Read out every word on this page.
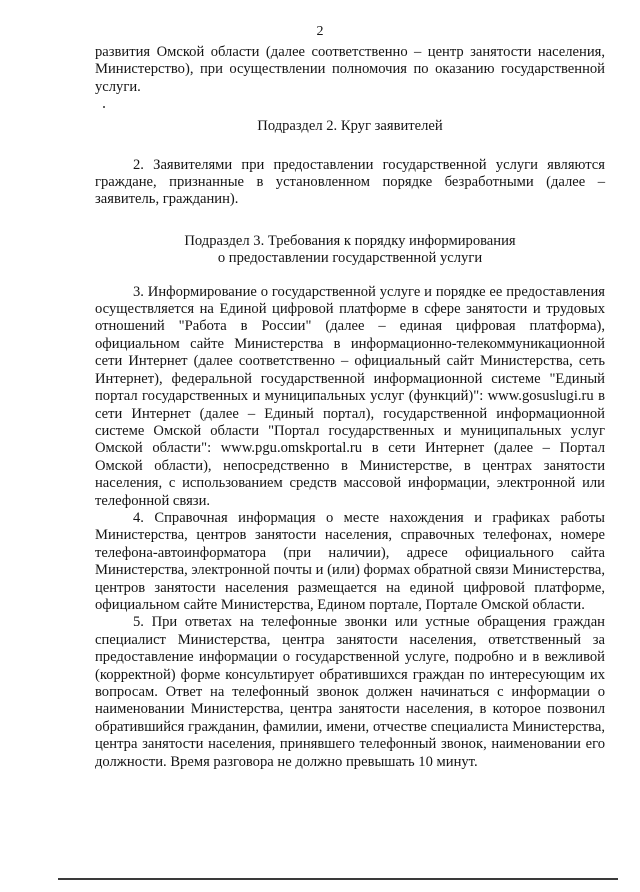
2

развития Омской области (далее соответственно – центр занятости населения, Министерство), при осуществлении полномочия по оказанию государственной услуги.

Подраздел 2. Круг заявителей

2. Заявителями при предоставлении государственной услуги являются граждане, признанные в установленном порядке безработными (далее – заявитель, гражданин).

Подраздел 3. Требования к порядку информирования
о предоставлении государственной услуги

3. Информирование о государственной услуге и порядке ее предоставления осуществляется на Единой цифровой платформе в сфере занятости и трудовых отношений "Работа в России" (далее – единая цифровая платформа), официальном сайте Министерства в информационно-телекоммуникационной сети Интернет (далее соответственно – официальный сайт Министерства, сеть Интернет), федеральной государственной информационной системе "Единый портал государственных и муниципальных услуг (функций)": www.gosuslugi.ru в сети Интернет (далее – Единый портал), государственной информационной системе Омской области "Портал государственных и муниципальных услуг Омской области": www.pgu.omskportal.ru в сети Интернет (далее – Портал Омской области), непосредственно в Министерстве, в центрах занятости населения, с использованием средств массовой информации, электронной или телефонной связи.

4. Справочная информация о месте нахождения и графиках работы Министерства, центров занятости населения, справочных телефонах, номере телефона-автоинформатора (при наличии), адресе официального сайта Министерства, электронной почты и (или) формах обратной связи Министерства, центров занятости населения размещается на единой цифровой платформе, официальном сайте Министерства, Едином портале, Портале Омской области.

5. При ответах на телефонные звонки или устные обращения граждан специалист Министерства, центра занятости населения, ответственный за предоставление информации о государственной услуге, подробно и в вежливой (корректной) форме консультирует обратившихся граждан по интересующим их вопросам. Ответ на телефонный звонок должен начинаться с информации о наименовании Министерства, центра занятости населения, в которое позвонил обратившийся гражданин, фамилии, имени, отчестве специалиста Министерства, центра занятости населения, принявшего телефонный звонок, наименовании его должности. Время разговора не должно превышать 10 минут.
